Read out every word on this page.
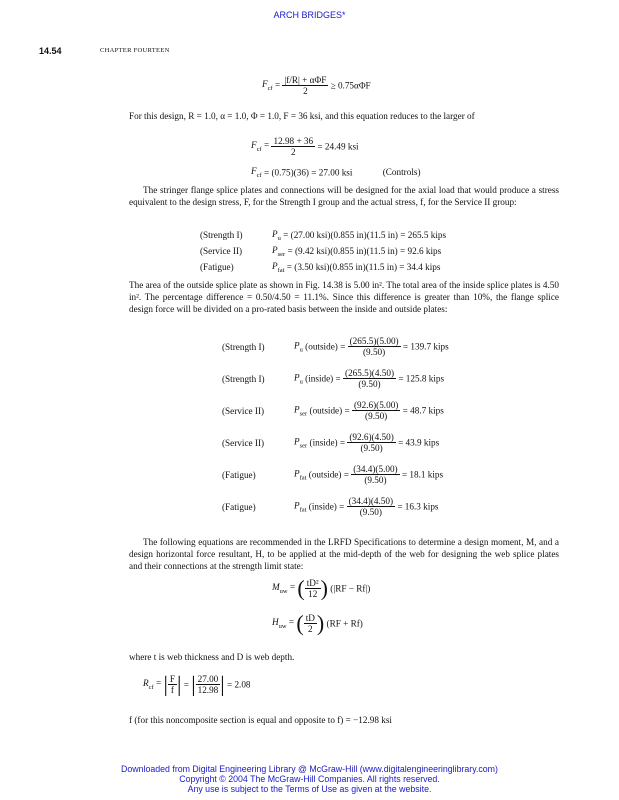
ARCH BRIDGES*
14.54	CHAPTER FOURTEEN
$F_{cf} = \frac{\text{|f/R| + αΦF}}{2} \ge 0.75\alpha\Phi F$
For this design, R = 1.0, α = 1.0, Φ = 1.0, F = 36 ksi, and this equation reduces to the larger of
$F_{cf} = \frac{12.98 + 36}{2} = 24.49$ ksi
$F_{cf} = (0.75)(36) = 27.00$ ksi	(Controls)
The stringer flange splice plates and connections will be designed for the axial load that would produce a stress equivalent to the design stress, F, for the Strength I group and the actual stress, f, for the Service II group:
(Strength I)	$P_u = (27.00$ ksi)(0.855 in)(11.5 in) = 265.5 kips
(Service II)	$P_{ser} = (9.42$ ksi)(0.855 in)(11.5 in) = 92.6 kips
(Fatigue)	$P_{fat} = (3.50$ ksi)(0.855 in)(11.5 in) = 34.4 kips
The area of the outside splice plate as shown in Fig. 14.38 is 5.00 in². The total area of the inside splice plates is 4.50 in². The percentage difference = 0.50/4.50 = 11.1%. Since this difference is greater than 10%, the flange splice design force will be divided on a pro-rated basis between the inside and outside plates:
(Strength I)	$P_u$ (outside) = $\frac{(265.5)(5.00)}{(9.50)} = 139.7$ kips
(Strength I)	$P_u$ (inside) = $\frac{(265.5)(4.50)}{(9.50)} = 125.8$ kips
(Service II)	$P_{ser}$ (outside) = $\frac{(92.6)(5.00)}{(9.50)} = 48.7$ kips
(Service II)	$P_{ser}$ (inside) = $\frac{(92.6)(4.50)}{(9.50)} = 43.9$ kips
(Fatigue)	$P_{fat}$ (outside) = $\frac{(34.4)(5.00)}{(9.50)} = 18.1$ kips
(Fatigue)	$P_{fat}$ (inside) = $\frac{(34.4)(4.50)}{(9.50)} = 16.3$ kips
The following equations are recommended in the LRFD Specifications to determine a design moment, M, and a design horizontal force resultant, H, to be applied at the mid-depth of the web for designing the web splice plates and their connections at the strength limit state:
$M_{uw}$ = ( $\frac{\text{tD²}}{12}$ ) (|RF − Rf|)
$H_{uw}$ = ( $\frac{tD}{2}$ ) (RF + Rf)
where t is web thickness and D is web depth.
$R_{cf}$ = | $\frac{F}{f}$ | = | $\frac{27.00}{12.98}$ | = 2.08
f (for this noncomposite section is equal and opposite to f) = −12.98 ksi
Downloaded from Digital Engineering Library @ McGraw-Hill (www.digitalengineeringlibrary.com)
Copyright © 2004 The McGraw-Hill Companies. All rights reserved.
Any use is subject to the Terms of Use as given at the website.
